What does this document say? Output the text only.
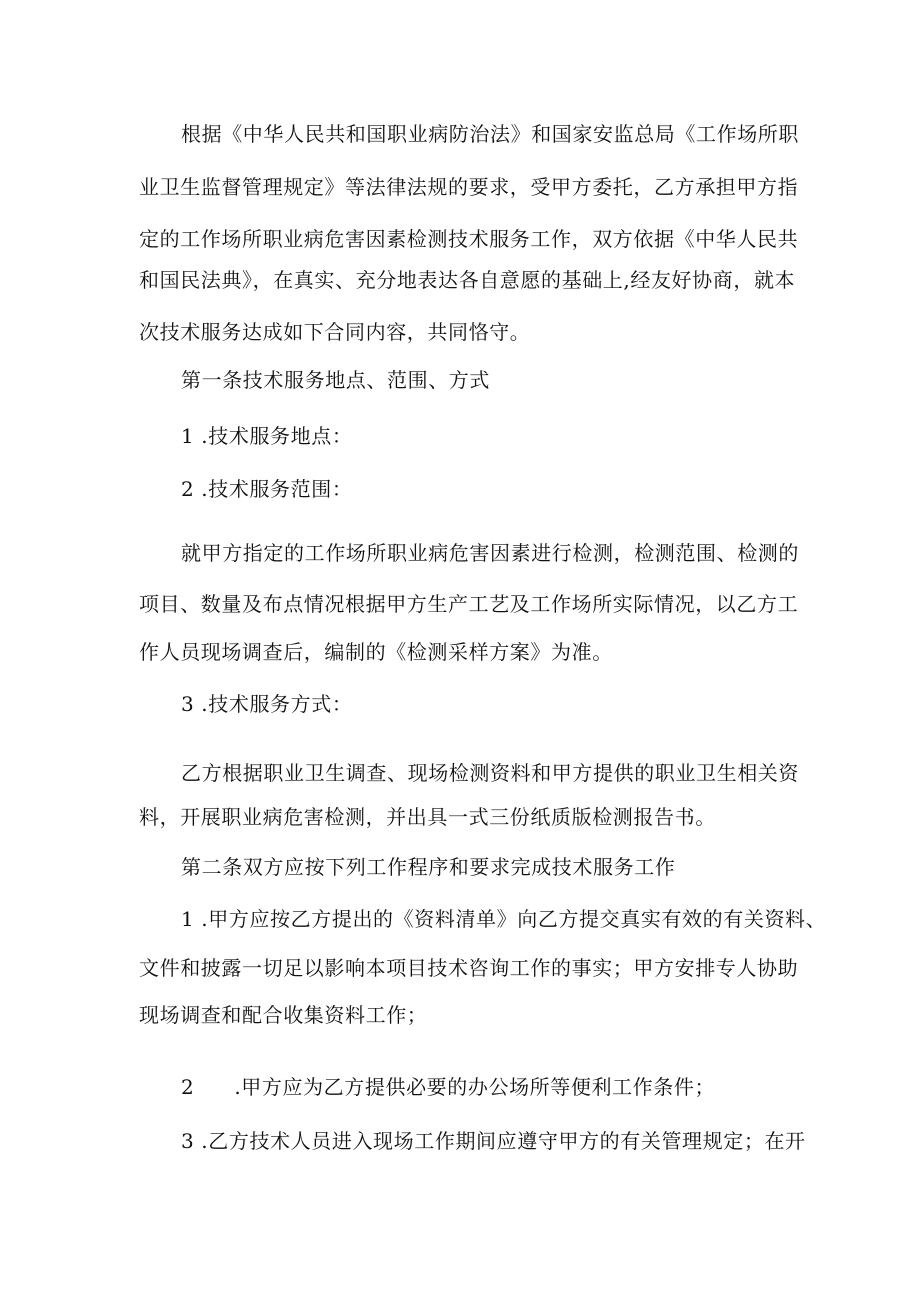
根据《中华人民共和国职业病防治法》和国家安监总局《工作场所职
业卫生监督管理规定》等法律法规的要求，受甲方委托，乙方承担甲方指
定的工作场所职业病危害因素检测技术服务工作，双方依据《中华人民共
和国民法典》，在真实、充分地表达各自意愿的基础上,经友好协商，就本
次技术服务达成如下合同内容，共同恪守。
第一条技术服务地点、范围、方式
1 .技术服务地点：
2 .技术服务范围：
就甲方指定的工作场所职业病危害因素进行检测，检测范围、检测的
项目、数量及布点情况根据甲方生产工艺及工作场所实际情况，以乙方工
作人员现场调查后，编制的《检测采样方案》为准。
3 .技术服务方式：
乙方根据职业卫生调查、现场检测资料和甲方提供的职业卫生相关资
料，开展职业病危害检测，并出具一式三份纸质版检测报告书。
第二条双方应按下列工作程序和要求完成技术服务工作
1 .甲方应按乙方提出的《资料清单》向乙方提交真实有效的有关资料、
文件和披露一切足以影响本项目技术咨询工作的事实；甲方安排专人协助
现场调查和配合收集资料工作；
2 .甲方应为乙方提供必要的办公场所等便利工作条件；
3 .乙方技术人员进入现场工作期间应遵守甲方的有关管理规定；在开
